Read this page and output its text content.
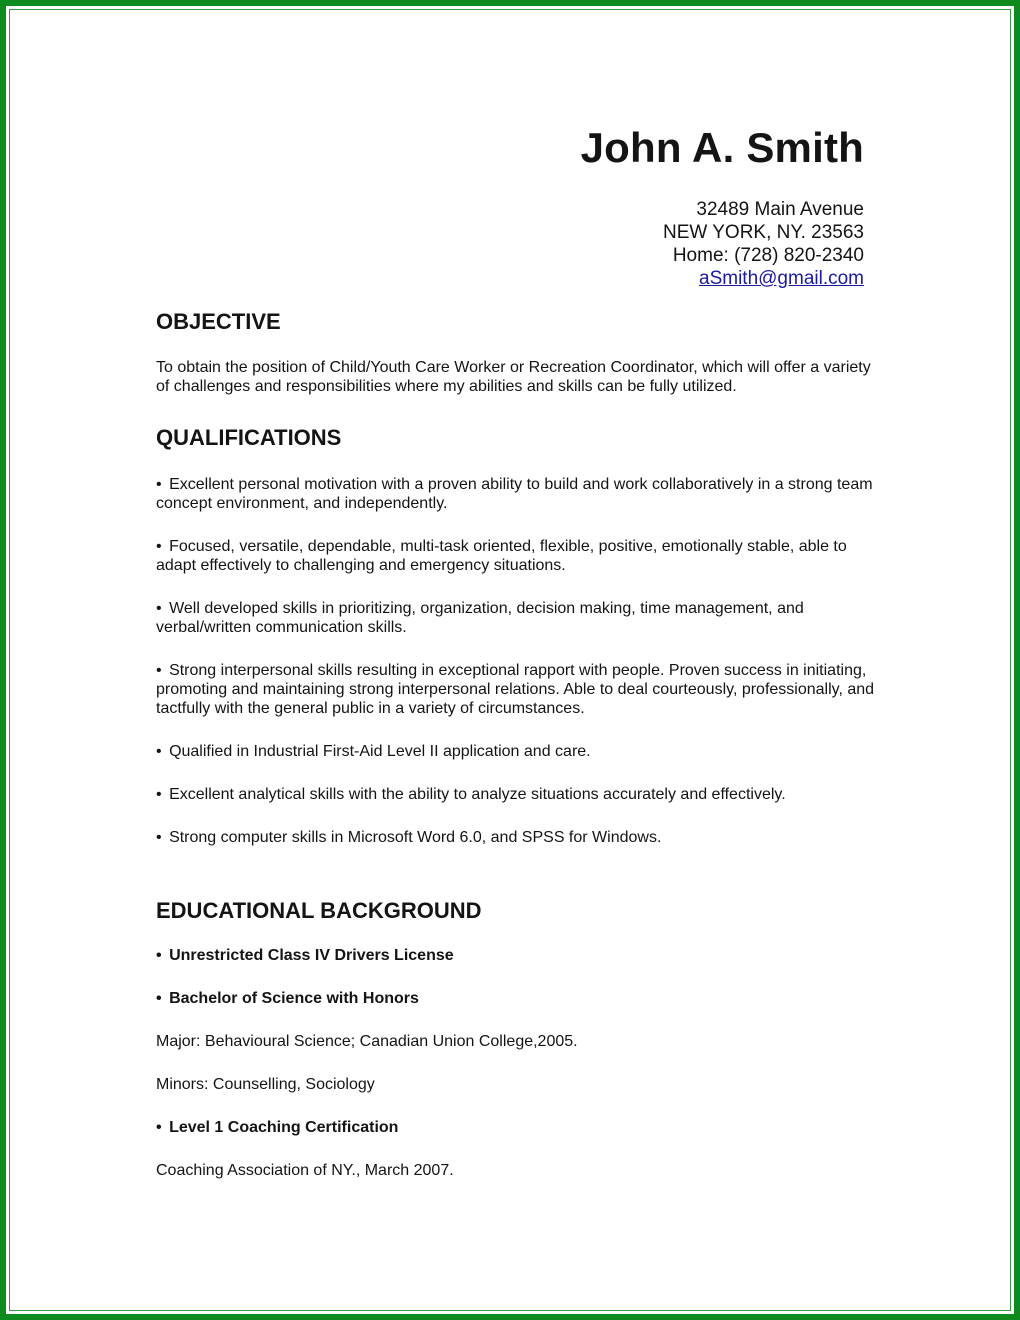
John A. Smith

32489 Main Avenue

NEW YORK, NY. 23563

Home: (728) 820-2340

aSmith@gmail.com

OBJECTIVE

To obtain the position of Child/Youth Care Worker or Recreation Coordinator, which will offer a variety of challenges and responsibilities where my abilities and skills can be fully utilized.

QUALIFICATIONS

• Excellent personal motivation with a proven ability to build and work collaboratively in a strong team concept environment, and independently.

• Focused, versatile, dependable, multi-task oriented, flexible, positive, emotionally stable, able to adapt effectively to challenging and emergency situations.

• Well developed skills in prioritizing, organization, decision making, time management, and verbal/written communication skills.

• Strong interpersonal skills resulting in exceptional rapport with people. Proven success in initiating, promoting and maintaining strong interpersonal relations. Able to deal courteously, professionally, and tactfully with the general public in a variety of circumstances.

• Qualified in Industrial First-Aid Level II application and care.

• Excellent analytical skills with the ability to analyze situations accurately and effectively.

• Strong computer skills in Microsoft Word 6.0, and SPSS for Windows.

EDUCATIONAL BACKGROUND

• Unrestricted Class IV Drivers License

• Bachelor of Science with Honors

Major: Behavioural Science; Canadian Union College,2005.

Minors: Counselling, Sociology

• Level 1 Coaching Certification

Coaching Association of NY., March 2007.
